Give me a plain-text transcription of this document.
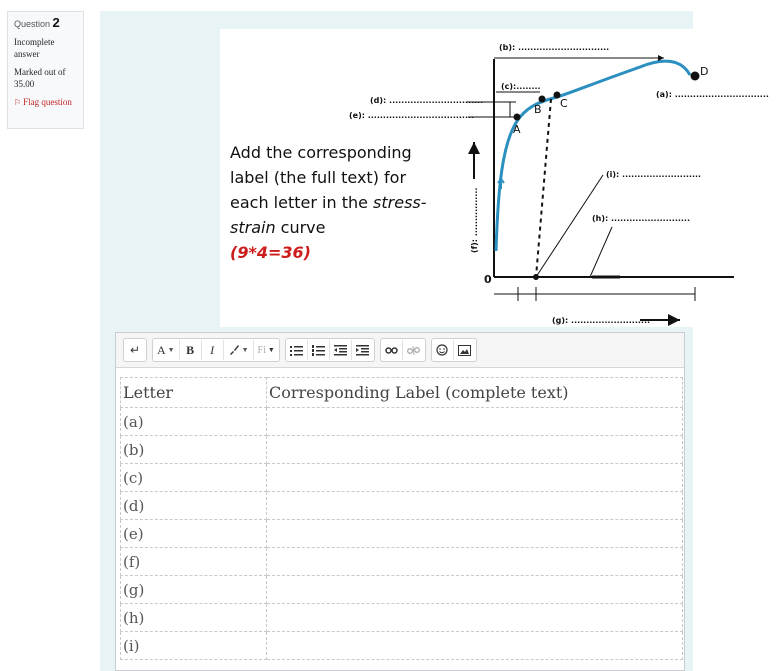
Question 2
Incomplete answer
Marked out of 35.00
⚐ Flag question
Add the corresponding
label (the full text) for
each letter in the stress-
strain curve

(9*4=36)
A
B C
D
0
(b): ..............................
(c):........
(d): ...............................
(e): ...................................
(a): ...............................
(i): ..........................
(h): ..........................
(g): ..........................
(f): ................
↵ A ▼ B I	▼ Fi ▼
Letter	Corresponding Label (complete text)
(a)	
(b)	
(c)	
(d)	
(e)	
(f)	
(g)	
(h)	
(i)	
